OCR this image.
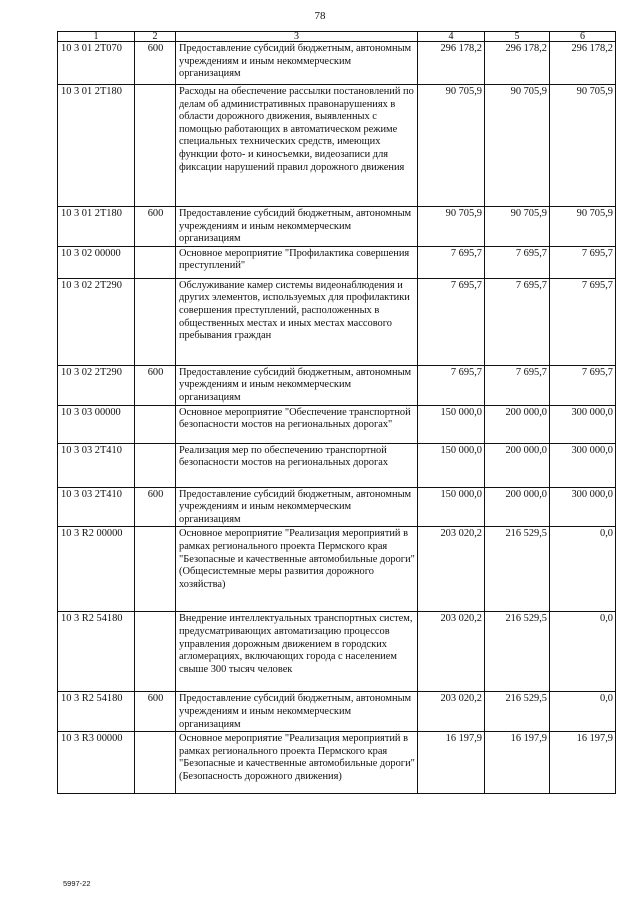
78
1	2	3	4	5	6
10 3 01 2Т070	600	Предоставление субсидий бюджетным, автономным учреждениям и иным некоммерческим организациям	296 178,2	296 178,2	296 178,2
10 3 01 2Т180		Расходы на обеспечение рассылки постановлений по делам об административных правонарушениях в области дорожного движения, выявленных с помощью работающих в автоматическом режиме специальных технических средств, имеющих функции фото- и киносъемки, видеозаписи для фиксации нарушений правил дорожного движения	90 705,9	90 705,9	90 705,9
10 3 01 2Т180	600	Предоставление субсидий бюджетным, автономным учреждениям и иным некоммерческим организациям	90 705,9	90 705,9	90 705,9
10 3 02 00000		Основное мероприятие "Профилактика совершения преступлений"	7 695,7	7 695,7	7 695,7
10 3 02 2Т290		Обслуживание камер системы видеонаблюдения и других элементов, используемых для профилактики совершения преступлений, расположенных в общественных местах и иных местах массового пребывания граждан	7 695,7	7 695,7	7 695,7
10 3 02 2Т290	600	Предоставление субсидий бюджетным, автономным учреждениям и иным некоммерческим организациям	7 695,7	7 695,7	7 695,7
10 3 03 00000		Основное мероприятие "Обеспечение транспортной безопасности мостов на региональных дорогах"	150 000,0	200 000,0	300 000,0
10 3 03 2Т410		Реализация мер по обеспечению транспортной безопасности мостов на региональных дорогах	150 000,0	200 000,0	300 000,0
10 3 03 2Т410	600	Предоставление субсидий бюджетным, автономным учреждениям и иным некоммерческим организациям	150 000,0	200 000,0	300 000,0
10 3 R2 00000		Основное мероприятие "Реализация мероприятий в рамках регионального проекта Пермского края "Безопасные и качественные автомобильные дороги" (Общесистемные меры развития дорожного хозяйства)	203 020,2	216 529,5	0,0
10 3 R2 54180		Внедрение интеллектуальных транспортных систем, предусматривающих автоматизацию процессов управления дорожным движением в городских агломерациях, включающих города с населением свыше 300 тысяч человек	203 020,2	216 529,5	0,0
10 3 R2 54180	600	Предоставление субсидий бюджетным, автономным учреждениям и иным некоммерческим организациям	203 020,2	216 529,5	0,0
10 3 R3 00000		Основное мероприятие "Реализация мероприятий в рамках регионального проекта Пермского края "Безопасные и качественные автомобильные дороги" (Безопасность дорожного движения)	16 197,9	16 197,9	16 197,9
5997-22
